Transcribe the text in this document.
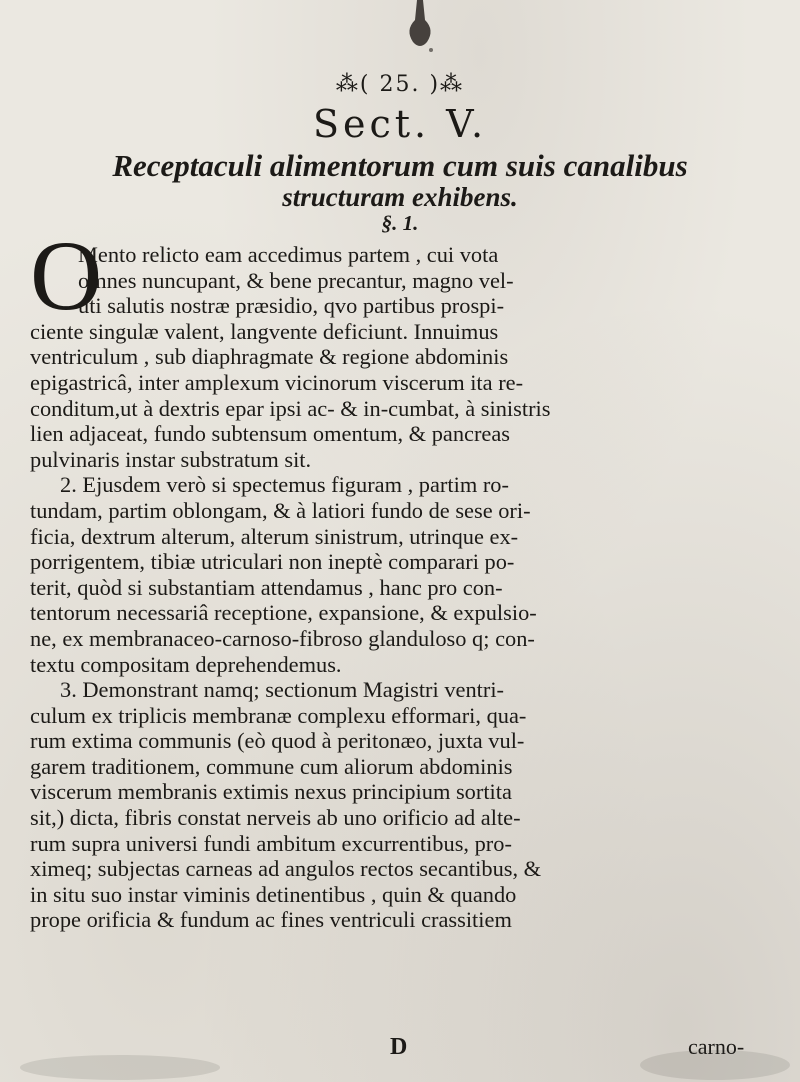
⁂( 25. )⁂
Sect. V.
Receptaculi alimentorum cum suis canalibus
structuram exhibens.
§. 1.
O
Mento relicto eam accedimus partem , cui vota
omnes nuncupant, & bene precantur, magno vel-
uti salutis nostræ præsidio, qvo partibus prospi-
ciente singulæ valent, langvente deficiunt. Innuimus
ventriculum , sub diaphragmate & regione abdominis
epigastricâ, inter amplexum vicinorum viscerum ita re-
conditum,ut à dextris epar ipsi ac- & in-cumbat, à sinistris
lien adjaceat, fundo subtensum omentum, & pancreas
pulvinaris instar substratum sit.
2. Ejusdem verò si spectemus figuram , partim ro-
tundam, partim oblongam, & à latiori fundo de sese ori-
ficia, dextrum alterum, alterum sinistrum, utrinque ex-
porrigentem, tibiæ utriculari non ineptè comparari po-
terit, quòd si substantiam attendamus , hanc pro con-
tentorum necessariâ receptione, expansione, & expulsio-
ne, ex membranaceo-carnoso-fibroso glanduloso q; con-
textu compositam deprehendemus.
3. Demonstrant namq; sectionum Magistri ventri-
culum ex triplicis membranæ complexu efformari, qua-
rum extima communis (eò quod à peritonæo, juxta vul-
garem traditionem, commune cum aliorum abdominis
viscerum membranis extimis nexus principium sortita
sit,) dicta, fibris constat nerveis ab uno orificio ad alte-
rum supra universi fundi ambitum excurrentibus, pro-
ximeq; subjectas carneas ad angulos rectos secantibus, &
in situ suo instar viminis detinentibus , quin & quando
prope orificia & fundum ac fines ventriculi crassitiem
D	carno-
